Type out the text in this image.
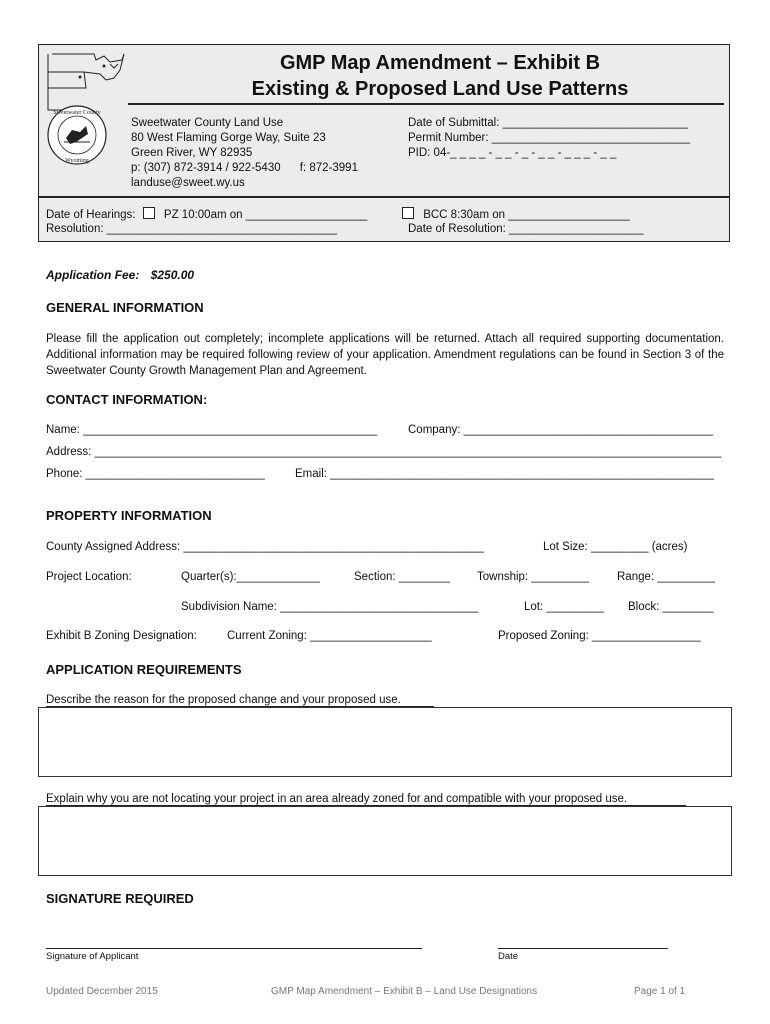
Sweetwater County
Wyoming
GMP Map Amendment – Exhibit B
Existing & Proposed Land Use Patterns
Sweetwater County Land Use
80 West Flaming Gorge Way, Suite 23
Green River, WY 82935
p: (307) 872-3914 / 922-5430      f: 872-3991
landuse@sweet.wy.us
Date of Submittal: _____________________________
Permit Number: _______________________________
PID: 04-_ _ _ _ - _ _ - _ - _ _ - _ _ _ - _ _
Date of Hearings: PZ 10:00am on ___________________	BCC 8:30am on ___________________
Resolution: ____________________________________	Date of Resolution: _____________________
Application Fee: $250.00
GENERAL INFORMATION
Please fill the application out completely; incomplete applications will be returned. Attach all required supporting documentation. Additional information may be required following review of your application. Amendment regulations can be found in Section 3 of the Sweetwater County Growth Management Plan and Agreement.
CONTACT INFORMATION:
Name: ______________________________________________	Company: _______________________________________
Address: __________________________________________________________________________________________________
Phone: ____________________________	Email: ____________________________________________________________
PROPERTY INFORMATION
County Assigned Address: _______________________________________________	Lot Size: _________ (acres)
Project Location:	Quarter(s):_____________	Section: ________ Township: _________ Range: _________
Subdivision Name: _______________________________	Lot: _________ Block: ________
Exhibit B Zoning Designation:	Current Zoning: ___________________	Proposed Zoning: _________________
APPLICATION REQUIREMENTS
Describe the reason for the proposed change and your proposed use.
Explain why you are not locating your project in an area already zoned for and compatible with your proposed use.
SIGNATURE REQUIRED
Signature of Applicant	Date
Updated December 2015	GMP Map Amendment – Exhibit B – Land Use Designations	Page 1 of 1
